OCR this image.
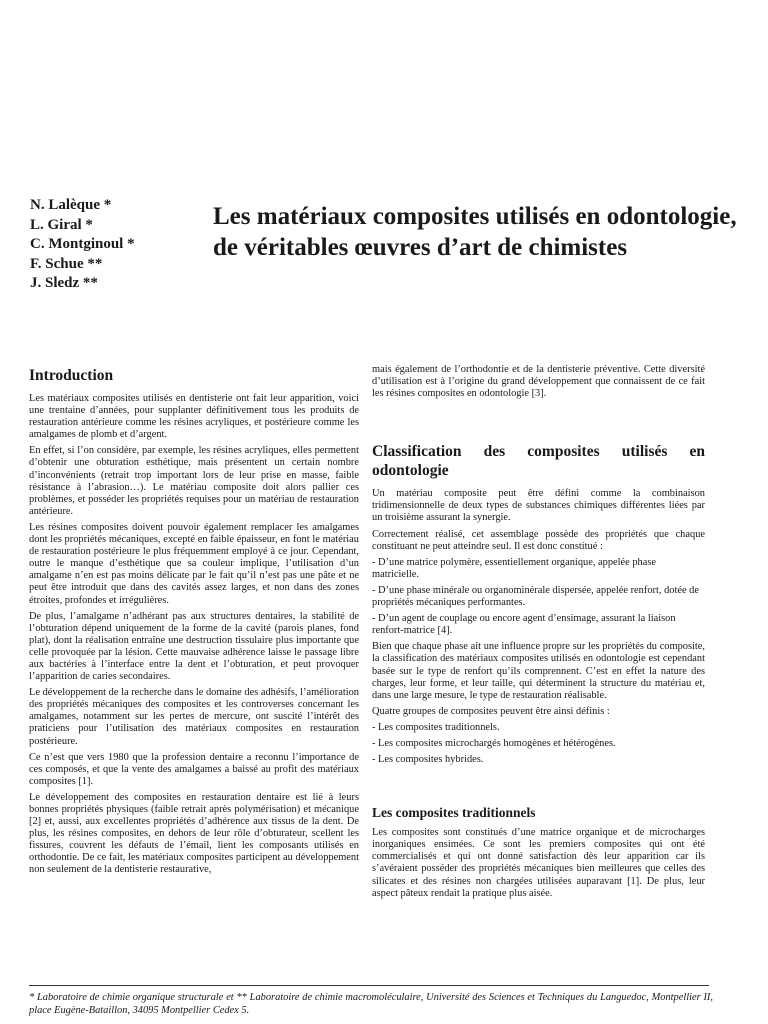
N. Lalèque *
L. Giral *
C. Montginoul *
F. Schue **
J. Sledz **
Les matériaux composites utilisés en odontologie, de véritables œuvres d’art de chimistes
Introduction

Les matériaux composites utilisés en dentisterie ont fait leur apparition, voici une trentaine d’années, pour supplanter définitivement tous les produits de restauration antérieure comme les résines acryliques, et postérieure comme les amalgames de plomb et d’argent.

En effet, si l’on considère, par exemple, les résines acryliques, elles permettent d’obtenir une obturation esthétique, mais présentent un certain nombre d’inconvénients (retrait trop important lors de leur prise en masse, faible résistance à l’abrasion…). Le matériau composite doit alors pallier ces problèmes, et posséder les propriétés requises pour un matériau de restauration antérieure.

Les résines composites doivent pouvoir également remplacer les amalgames dont les propriétés mécaniques, excepté en faible épaisseur, en font le matériau de restauration postérieure le plus fréquemment employé à ce jour. Cependant, outre le manque d’esthétique que sa couleur implique, l’utilisation d’un amalgame n’en est pas moins délicate par le fait qu’il n’est pas une pâte et ne peut être introduit que dans des cavités assez larges, et non dans des zones étroites, profondes et irrégulières.

De plus, l’amalgame n’adhérant pas aux structures dentaires, la stabilité de l’obturation dépend uniquement de la forme de la cavité (parois planes, fond plat), dont la réalisation entraîne une destruction tissulaire plus importante que celle provoquée par la lésion. Cette mauvaise adhérence laisse le passage libre aux bactéries à l’interface entre la dent et l’obturation, et peut provoquer l’apparition de caries secondaires.

Le développement de la recherche dans le domaine des adhésifs, l’amélioration des propriétés mécaniques des composites et les controverses concernant les amalgames, notamment sur les pertes de mercure, ont suscité l’intérêt des praticiens pour l’utilisation des matériaux composites en restauration postérieure.

Ce n’est que vers 1980 que la profession dentaire a reconnu l’importance de ces composés, et que la vente des amalgames a baissé au profit des matériaux composites [1].

Le développement des composites en restauration dentaire est lié à leurs bonnes propriétés physiques (faible retrait après polymérisation) et mécanique [2] et, aussi, aux excellentes propriétés d’adhérence aux tissus de la dent. De plus, les résines composites, en dehors de leur rôle d’obturateur, scellent les fissures, couvrent les défauts de l’émail, lient les composants utilisés en orthodontie. De ce fait, les matériaux composites participent au développement non seulement de la dentisterie restaurative,

mais également de l’orthodontie et de la dentisterie préventive. Cette diversité d’utilisation est à l’origine du grand développement que connaissent de ce fait les résines composites en odontologie [3].

Classification des composites utilisés en odontologie

Un matériau composite peut être défini comme la combinaison tridimensionnelle de deux types de substances chimiques différentes liées par un troisième assurant la synergie.

Correctement réalisé, cet assemblage possède des propriétés que chaque constituant ne peut atteindre seul. Il est donc constitué :

- D’une matrice polymère, essentiellement organique, appelée phase matricielle.

- D’une phase minérale ou organominérale dispersée, appelée renfort, dotée de propriétés mécaniques performantes.

- D’un agent de couplage ou encore agent d’ensimage, assurant la liaison renfort-matrice [4].

Bien que chaque phase ait une influence propre sur les propriétés du composite, la classification des matériaux composites utilisés en odontologie est cependant basée sur le type de renfort qu’ils comprennent. C’est en effet la nature des charges, leur forme, et leur taille, qui déterminent la structure du matériau et, dans une large mesure, le type de restauration réalisable.

Quatre groupes de composites peuvent être ainsi définis :

- Les composites traditionnels.

- Les composites microchargés homogènes et hétérogènes.

- Les composites hybrides.

Les composites traditionnels

Les composites sont constitués d’une matrice organique et de microcharges inorganiques ensimées. Ce sont les premiers composites qui ont été commercialisés et qui ont donné satisfaction dès leur apparition car ils s’avéraient posséder des propriétés mécaniques bien meilleures que celles des silicates et des résines non chargées utilisées auparavant [1]. De plus, leur aspect pâteux rendait la pratique plus aisée.

* Laboratoire de chimie organique structurale et ** Laboratoire de chimie macromoléculaire, Université des Sciences et Techniques du Languedoc, Montpellier II, place Eugène-Bataillon, 34095 Montpellier Cedex 5.
